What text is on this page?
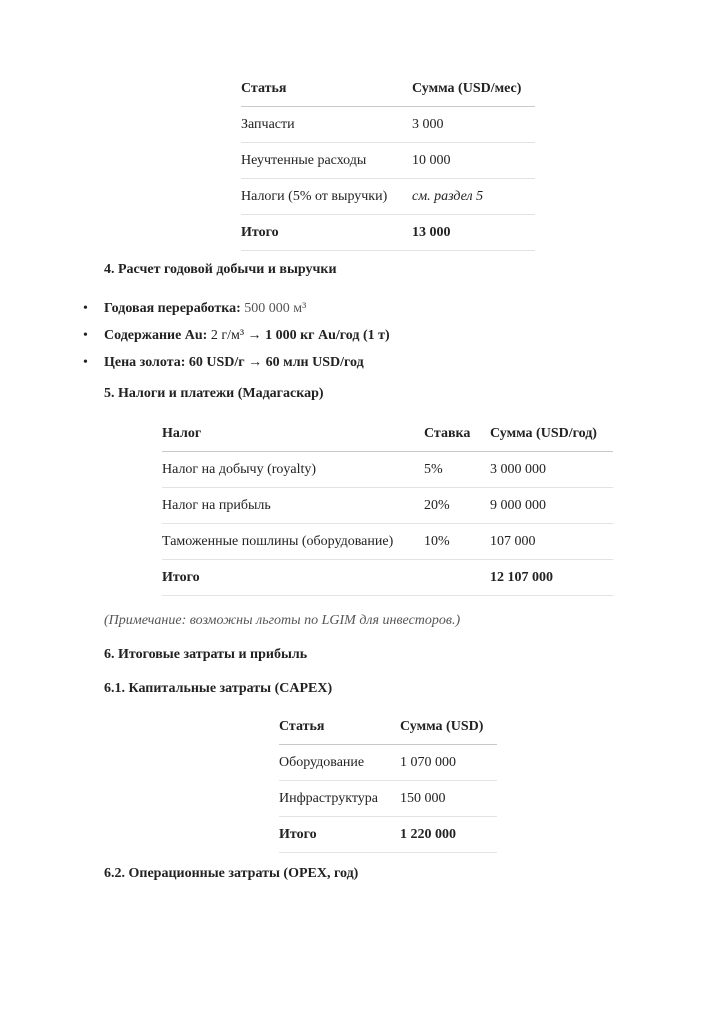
Статья	Сумма (USD/мес)
Запчасти	3 000
Неучтенные расходы	10 000
Налоги (5% от выручки)	см. раздел 5
Итого	13 000
4. Расчет годовой добычи и выручки
• Годовая переработка: 500 000 м³
• Содержание Au: 2 г/м³ → 1 000 кг Au/год (1 т)
• Цена золота: 60 USD/г → 60 млн USD/год
5. Налоги и платежи (Мадагаскар)
Налог	Ставка	Сумма (USD/год)
Налог на добычу (royalty)	5%	3 000 000
Налог на прибыль	20%	9 000 000
Таможенные пошлины (оборудование)	10%	107 000
Итого		12 107 000
(Примечание: возможны льготы по LGIM для инвесторов.)
6. Итоговые затраты и прибыль
6.1. Капитальные затраты (CAPEX)
Статья	Сумма (USD)
Оборудование	1 070 000
Инфраструктура	150 000
Итого	1 220 000
6.2. Операционные затраты (OPEX, год)
